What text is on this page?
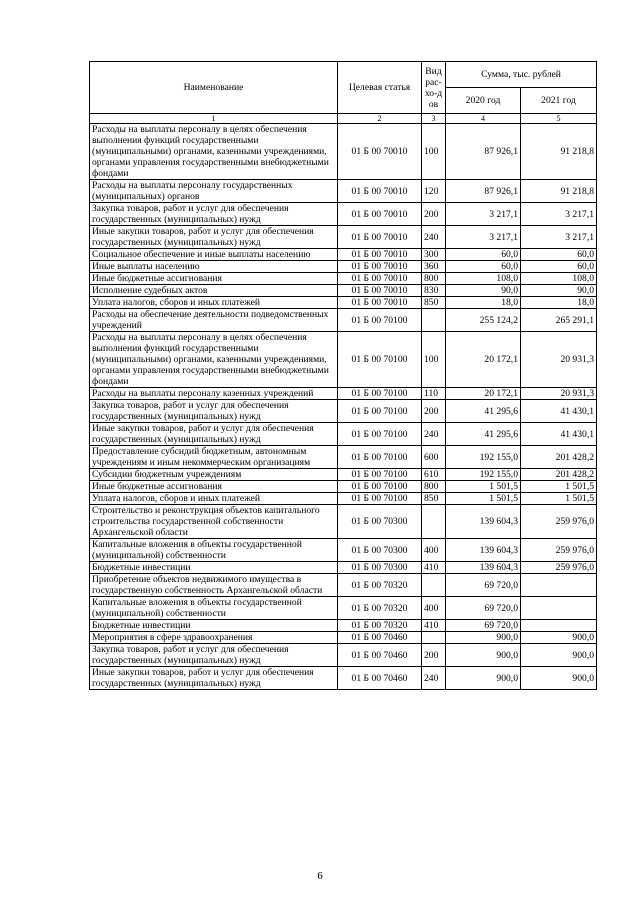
Наименование	Целевая статья	Вид рас-хо-дов	Сумма, тыс. рублей	
			2020 год	2021 год
1	2	3	4	5
Расходы на выплаты персоналу в целях обеспечения выполнения функций государственными (муниципальными) органами, казенными учреждениями, органами управления государственными внебюджетными фондами	01 Б 00 70010	100	87 926,1	91 218,8
Расходы на выплаты персоналу государственных (муниципальных) органов	01 Б 00 70010	120	87 926,1	91 218,8
Закупка товаров, работ и услуг для обеспечения государственных (муниципальных) нужд	01 Б 00 70010	200	3 217,1	3 217,1
Иные закупки товаров, работ и услуг для обеспечения государственных (муниципальных) нужд	01 Б 00 70010	240	3 217,1	3 217,1
Социальное обеспечение и иные выплаты населению	01 Б 00 70010	300	60,0	60,0
Иные выплаты населению	01 Б 00 70010	360	60,0	60,0
Иные бюджетные ассигнования	01 Б 00 70010	800	108,0	108,0
Исполнение судебных актов	01 Б 00 70010	830	90,0	90,0
Уплата налогов, сборов и иных платежей	01 Б 00 70010	850	18,0	18,0
Расходы на обеспечение деятельности подведомственных учреждений	01 Б 00 70100		255 124,2	265 291,1
Расходы на выплаты персоналу в целях обеспечения выполнения функций государственными (муниципальными) органами, казенными учреждениями, органами управления государственными внебюджетными фондами	01 Б 00 70100	100	20 172,1	20 931,3
Расходы на выплаты персоналу казенных учреждений	01 Б 00 70100	110	20 172,1	20 931,3
Закупка товаров, работ и услуг для обеспечения государственных (муниципальных) нужд	01 Б 00 70100	200	41 295,6	41 430,1
Иные закупки товаров, работ и услуг для обеспечения государственных (муниципальных) нужд	01 Б 00 70100	240	41 295,6	41 430,1
Предоставление субсидий бюджетным, автономным учреждениям и иным некоммерческим организациям	01 Б 00 70100	600	192 155,0	201 428,2
Субсидии бюджетным учреждениям	01 Б 00 70100	610	192 155,0	201 428,2
Иные бюджетные ассигнования	01 Б 00 70100	800	1 501,5	1 501,5
Уплата налогов, сборов и иных платежей	01 Б 00 70100	850	1 501,5	1 501,5
Строительство и реконструкция объектов капитального строительства государственной собственности Архангельской области	01 Б 00 70300		139 604,3	259 976,0
Капитальные вложения в объекты государственной (муниципальной) собственности	01 Б 00 70300	400	139 604,3	259 976,0
Бюджетные инвестиции	01 Б 00 70300	410	139 604,3	259 976,0
Приобретение объектов недвижимого имущества в государственную собственность Архангельской области	01 Б 00 70320		69 720,0	
Капитальные вложения в объекты государственной (муниципальной) собственности	01 Б 00 70320	400	69 720,0	
Бюджетные инвестиции	01 Б 00 70320	410	69 720,0	
Мероприятия в сфере здравоохранения	01 Б 00 70460		900,0	900,0
Закупка товаров, работ и услуг для обеспечения государственных (муниципальных) нужд	01 Б 00 70460	200	900,0	900,0
Иные закупки товаров, работ и услуг для обеспечения государственных (муниципальных) нужд	01 Б 00 70460	240	900,0	900,0
6
